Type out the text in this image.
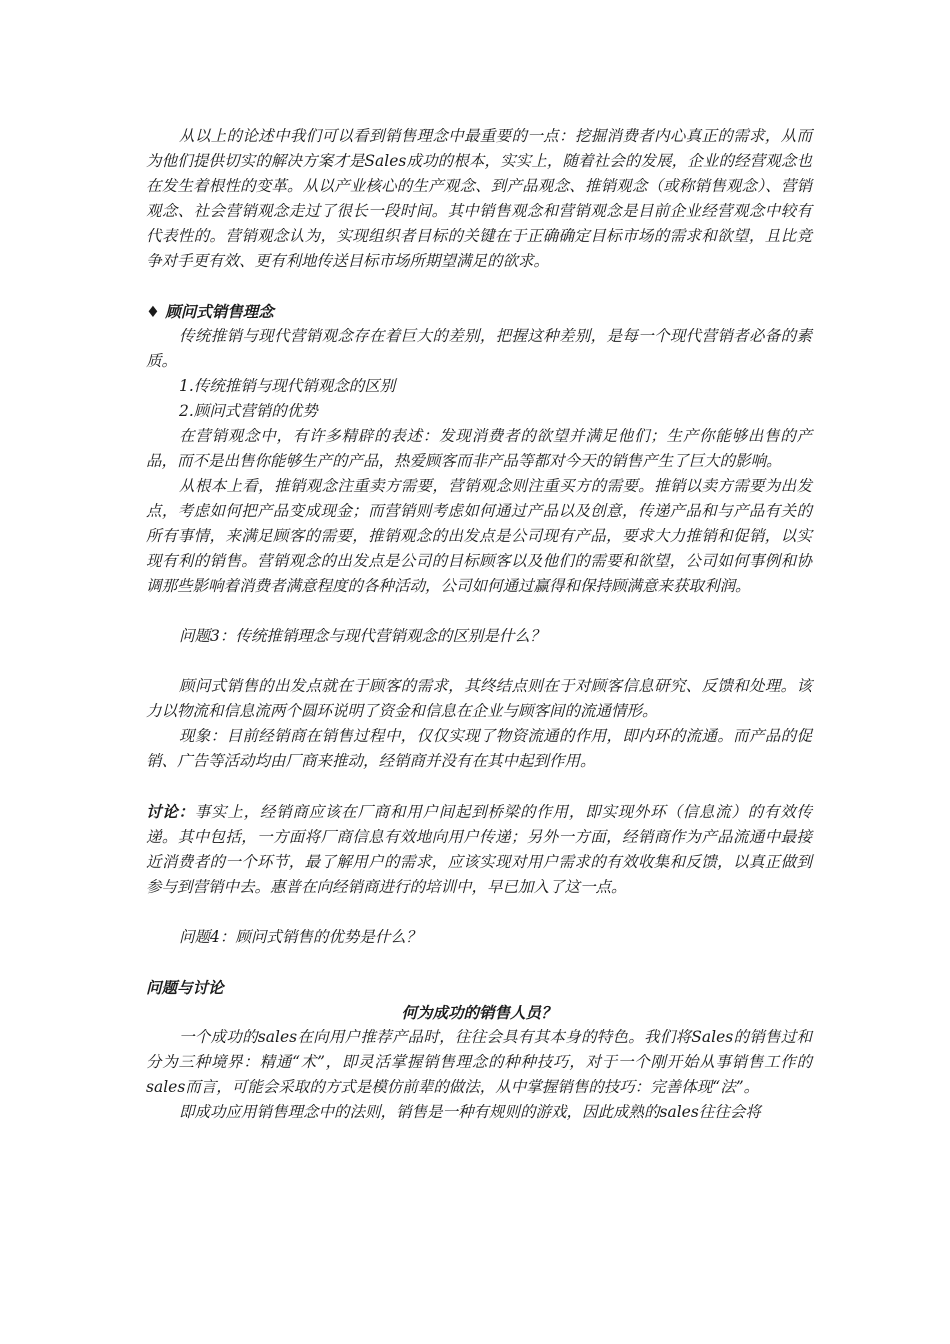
从以上的论述中我们可以看到销售理念中最重要的一点：挖掘消费者内心真正的需求，从而为他们提供切实的解决方案才是Sales成功的根本，实实上，随着社会的发展，企业的经营观念也在发生着根性的变革。从以产业核心的生产观念、到产品观念、推销观念（或称销售观念）、营销观念、社会营销观念走过了很长一段时间。其中销售观念和营销观念是目前企业经营观念中较有代表性的。营销观念认为，实现组织者目标的关键在于正确确定目标市场的需求和欲望，且比竞争对手更有效、更有利地传送目标市场所期望满足的欲求。

♦ 顾问式销售理念

传统推销与现代营销观念存在着巨大的差别，把握这种差别，是每一个现代营销者必备的素质。

1.传统推销与现代销观念的区别

2.顾问式营销的优势

在营销观念中，有许多精辟的表述：发现消费者的欲望并满足他们；生产你能够出售的产品，而不是出售你能够生产的产品，热爱顾客而非产品等都对今天的销售产生了巨大的影响。

从根本上看，推销观念注重卖方需要，营销观念则注重买方的需要。推销以卖方需要为出发点，考虑如何把产品变成现金；而营销则考虑如何通过产品以及创意，传递产品和与产品有关的所有事情，来满足顾客的需要，推销观念的出发点是公司现有产品，要求大力推销和促销，以实现有利的销售。营销观念的出发点是公司的目标顾客以及他们的需要和欲望，公司如何事例和协调那些影响着消费者满意程度的各种活动，公司如何通过赢得和保持顾满意来获取利润。

问题3：传统推销理念与现代营销观念的区别是什么？

顾问式销售的出发点就在于顾客的需求，其终结点则在于对顾客信息研究、反馈和处理。该力以物流和信息流两个圆环说明了资金和信息在企业与顾客间的流通情形。

现象：目前经销商在销售过程中，仅仅实现了物资流通的作用，即内环的流通。而产品的促销、广告等活动均由厂商来推动，经销商并没有在其中起到作用。

讨论：事实上，经销商应该在厂商和用户间起到桥梁的作用，即实现外环（信息流）的有效传递。其中包括，一方面将厂商信息有效地向用户传递；另外一方面，经销商作为产品流通中最接近消费者的一个环节，最了解用户的需求，应该实现对用户需求的有效收集和反馈，以真正做到参与到营销中去。惠普在向经销商进行的培训中，早已加入了这一点。

问题4：顾问式销售的优势是什么？

问题与讨论

何为成功的销售人员？

一个成功的sales在向用户推荐产品时，往往会具有其本身的特色。我们将Sales的销售过和分为三种境界：精通“术”，即灵活掌握销售理念的种种技巧，对于一个刚开始从事销售工作的sales而言，可能会采取的方式是模仿前辈的做法，从中掌握销售的技巧：完善体现“法”。

即成功应用销售理念中的法则，销售是一种有规则的游戏，因此成熟的sales往往会将
